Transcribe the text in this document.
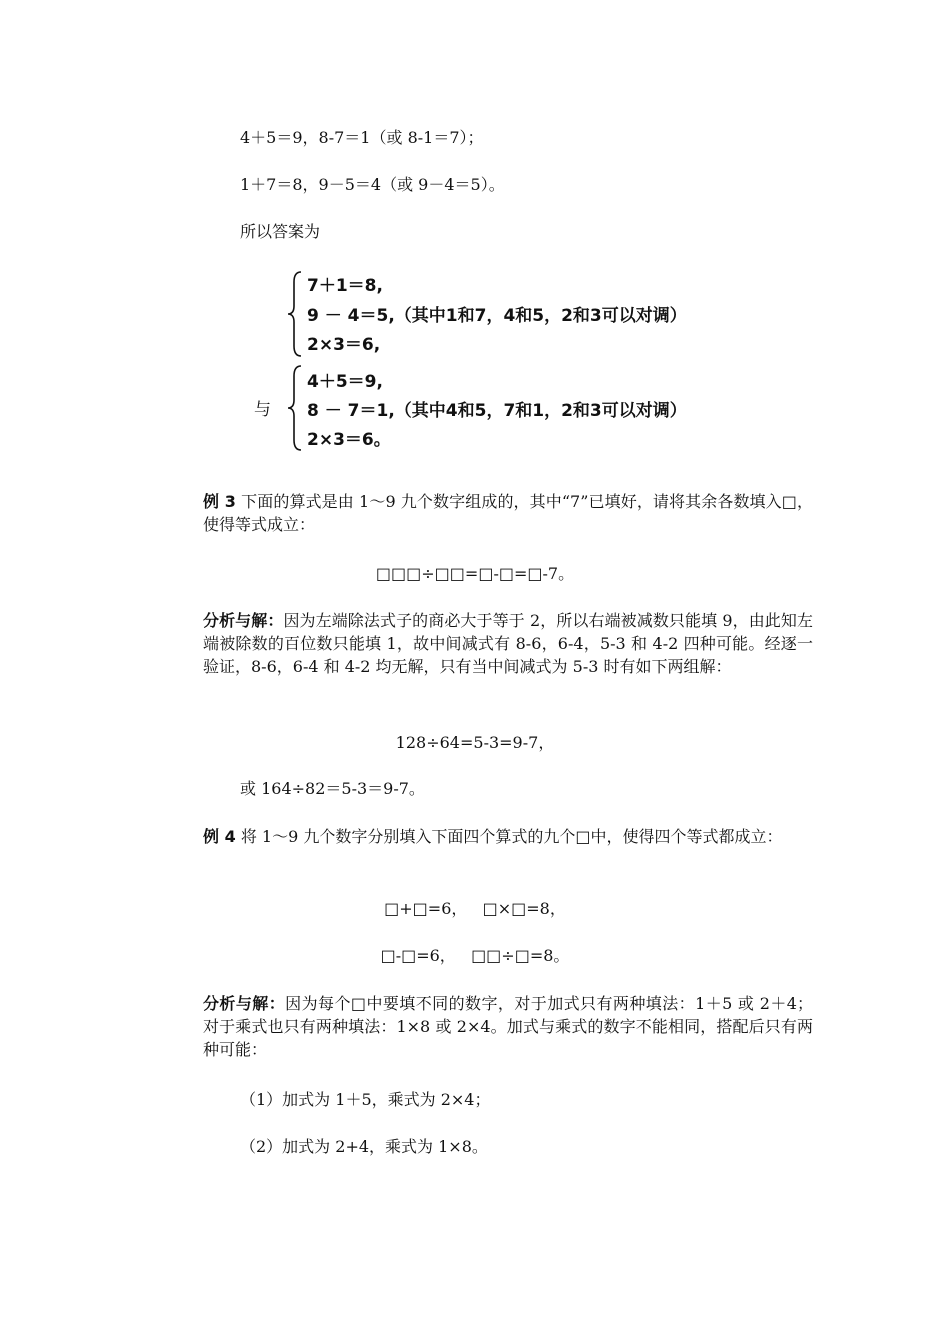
4＋5＝9，8-7＝1（或 8-1＝7）；
1＋7＝8，9－5＝4（或 9－4＝5）。
所以答案为
7＋1＝8,
9 － 4＝5,（其中1和7，4和5，2和3可以对调）
2×3＝6,
与
4＋5＝9,
8 － 7＝1,（其中4和5，7和1，2和3可以对调）
2×3＝6。
例 3 下面的算式是由 1～9 九个数字组成的，其中“7”已填好，请将其余各数填入□，使得等式成立：
□□□÷□□=□-□=□-7。
分析与解：因为左端除法式子的商必大于等于 2，所以右端被减数只能填 9，由此知左端被除数的百位数只能填 1，故中间减式有 8-6，6-4，5-3 和 4-2 四种可能。经逐一验证，8-6，6-4 和 4-2 均无解，只有当中间减式为 5-3 时有如下两组解：
128÷64=5-3=9-7，
或 164÷82＝5-3＝9-7。
例 4 将 1～9 九个数字分别填入下面四个算式的九个□中，使得四个等式都成立：
□+□=6，   □×□=8，
□-□=6，   □□÷□=8。
分析与解：因为每个□中要填不同的数字，对于加式只有两种填法：1＋5 或 2＋4；对于乘式也只有两种填法：1×8 或 2×4。加式与乘式的数字不能相同，搭配后只有两种可能：
（1）加式为 1＋5，乘式为 2×4；
（2）加式为 2+4，乘式为 1×8。
